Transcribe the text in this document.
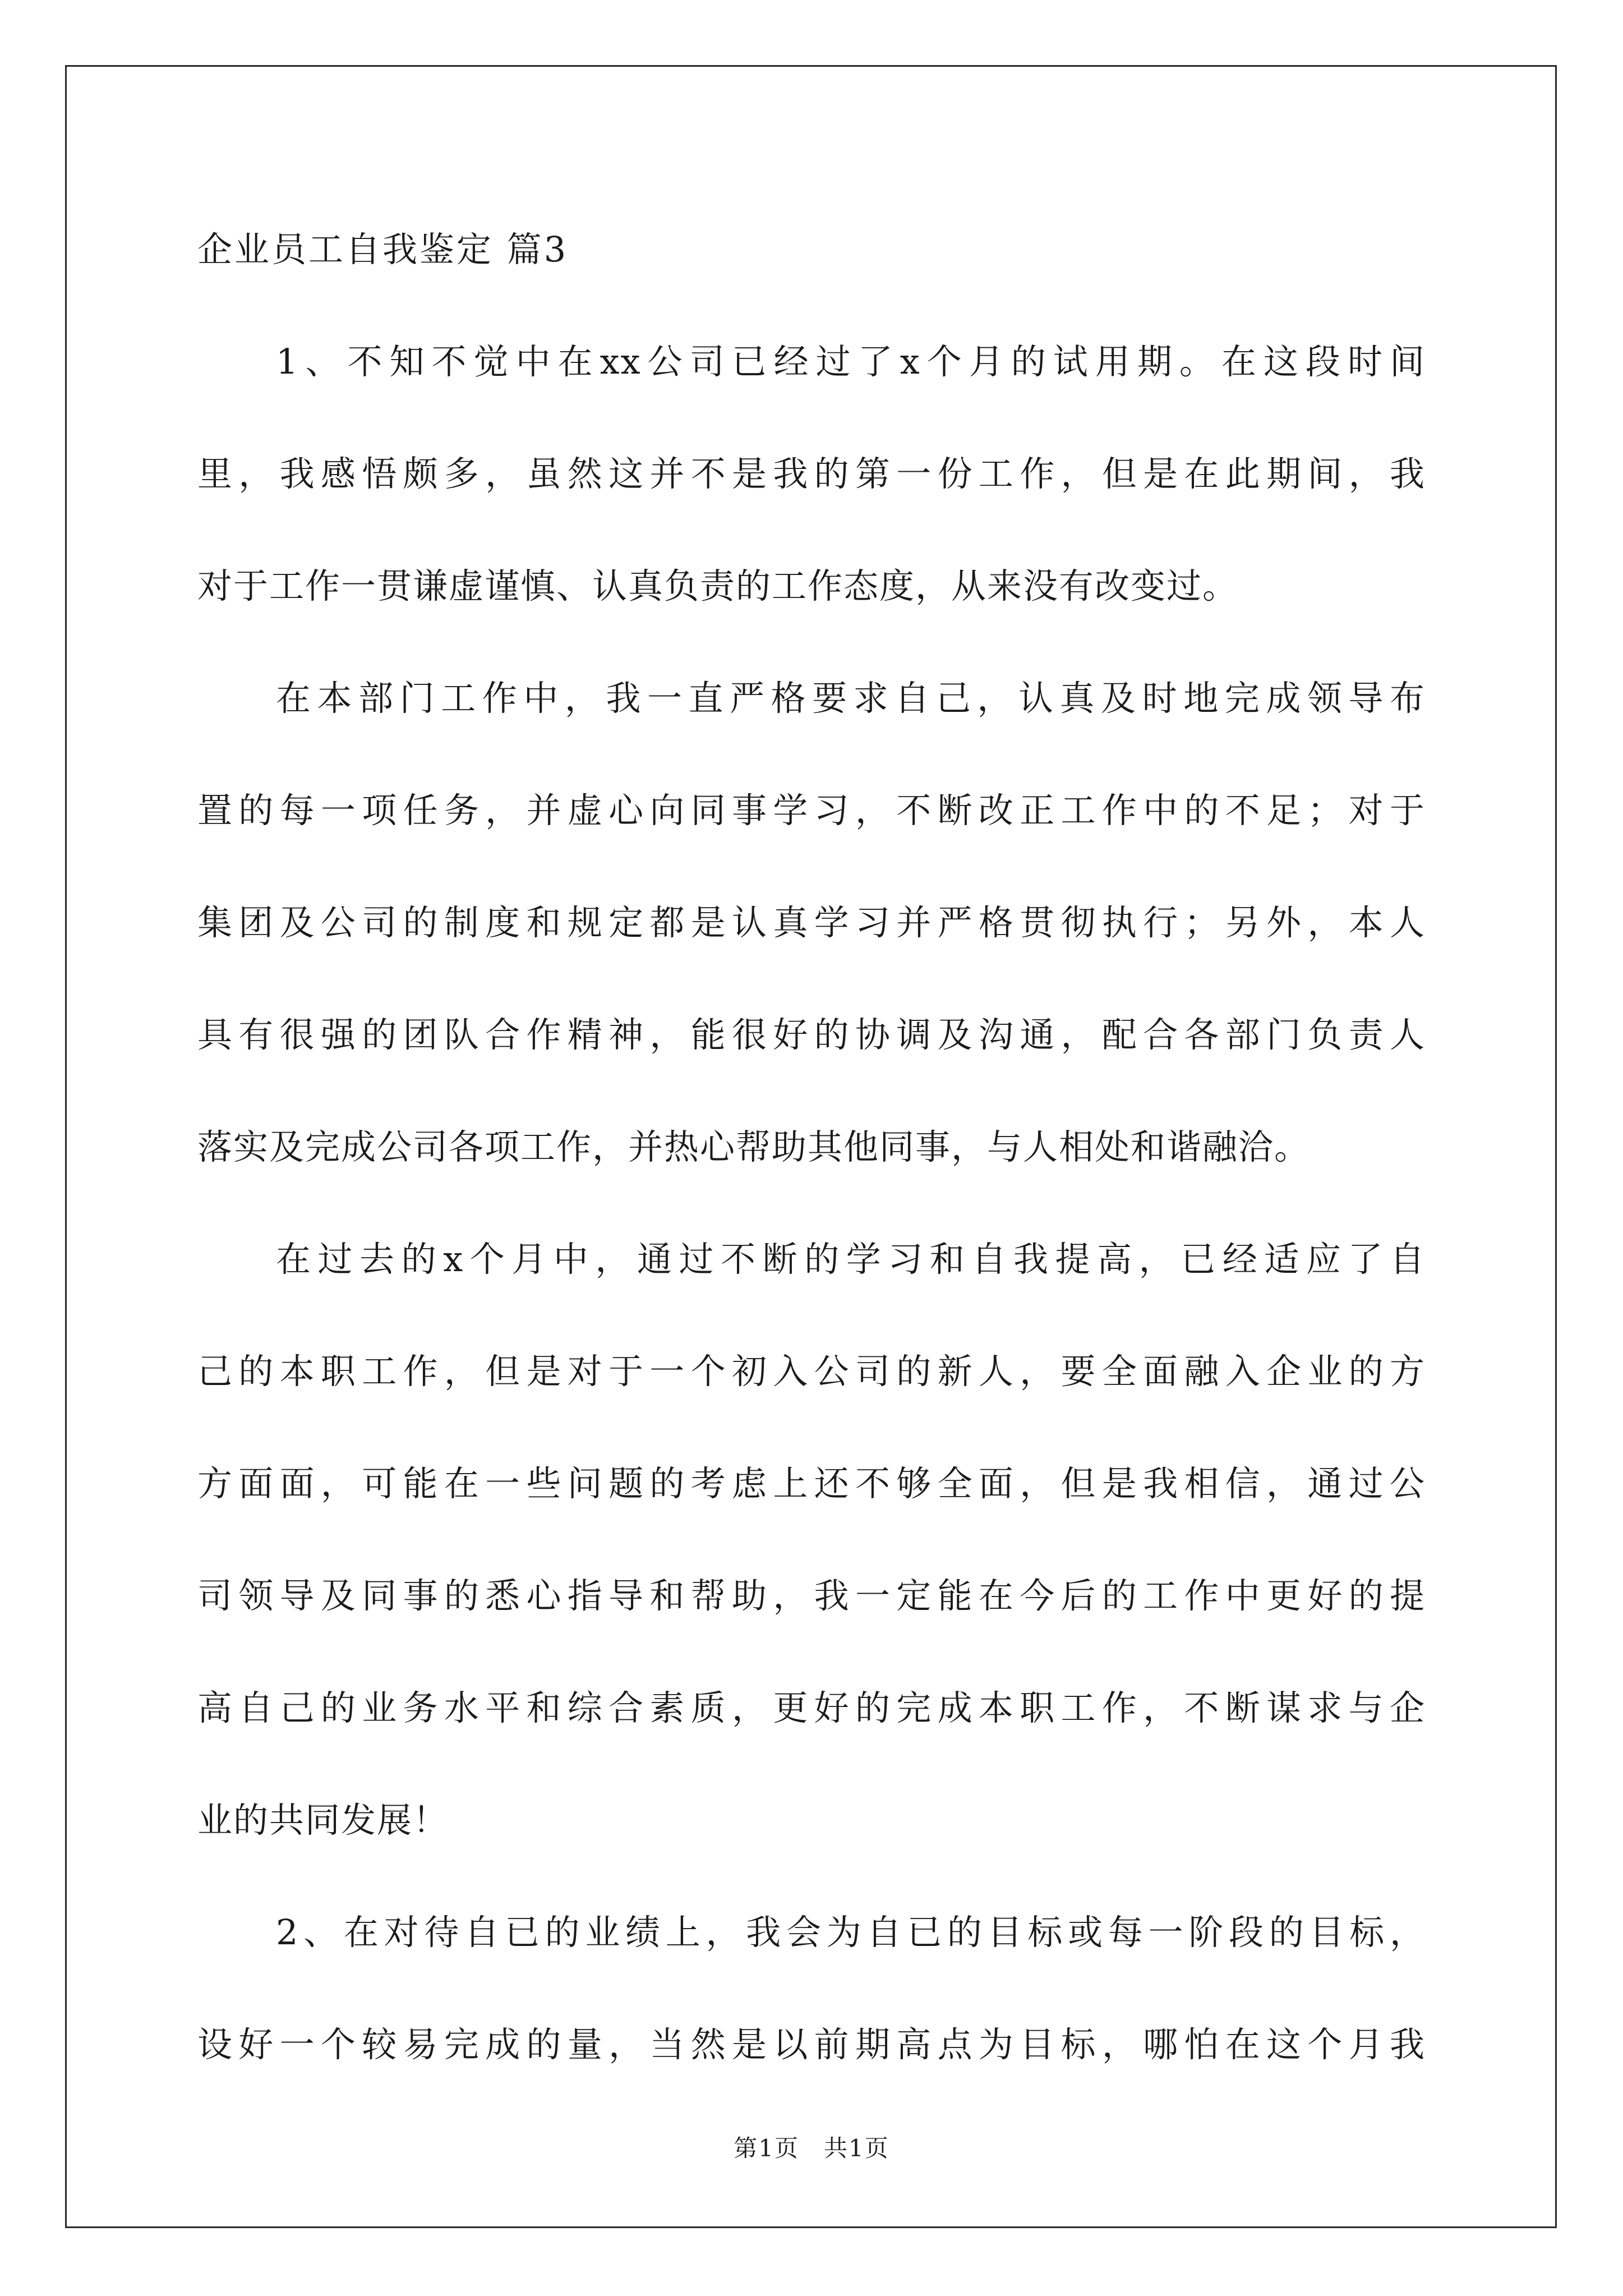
企业员工自我鉴定 篇3
1、不知不觉中在xx公司已经过了x个月的试用期。在这段时间
里，我感悟颇多，虽然这并不是我的第一份工作，但是在此期间，我
对于工作一贯谦虚谨慎、认真负责的工作态度，从来没有改变过。
在本部门工作中，我一直严格要求自己，认真及时地完成领导布
置的每一项任务，并虚心向同事学习，不断改正工作中的不足；对于
集团及公司的制度和规定都是认真学习并严格贯彻执行；另外，本人
具有很强的团队合作精神，能很好的协调及沟通，配合各部门负责人
落实及完成公司各项工作，并热心帮助其他同事，与人相处和谐融洽。
在过去的x个月中，通过不断的学习和自我提高，已经适应了自
己的本职工作，但是对于一个初入公司的新人，要全面融入企业的方
方面面，可能在一些问题的考虑上还不够全面，但是我相信，通过公
司领导及同事的悉心指导和帮助，我一定能在今后的工作中更好的提
高自己的业务水平和综合素质，更好的完成本职工作，不断谋求与企
业的共同发展！
2、在对待自已的业绩上，我会为自已的目标或每一阶段的目标，
设好一个较易完成的量，当然是以前期高点为目标，哪怕在这个月我
第1页　共1页
